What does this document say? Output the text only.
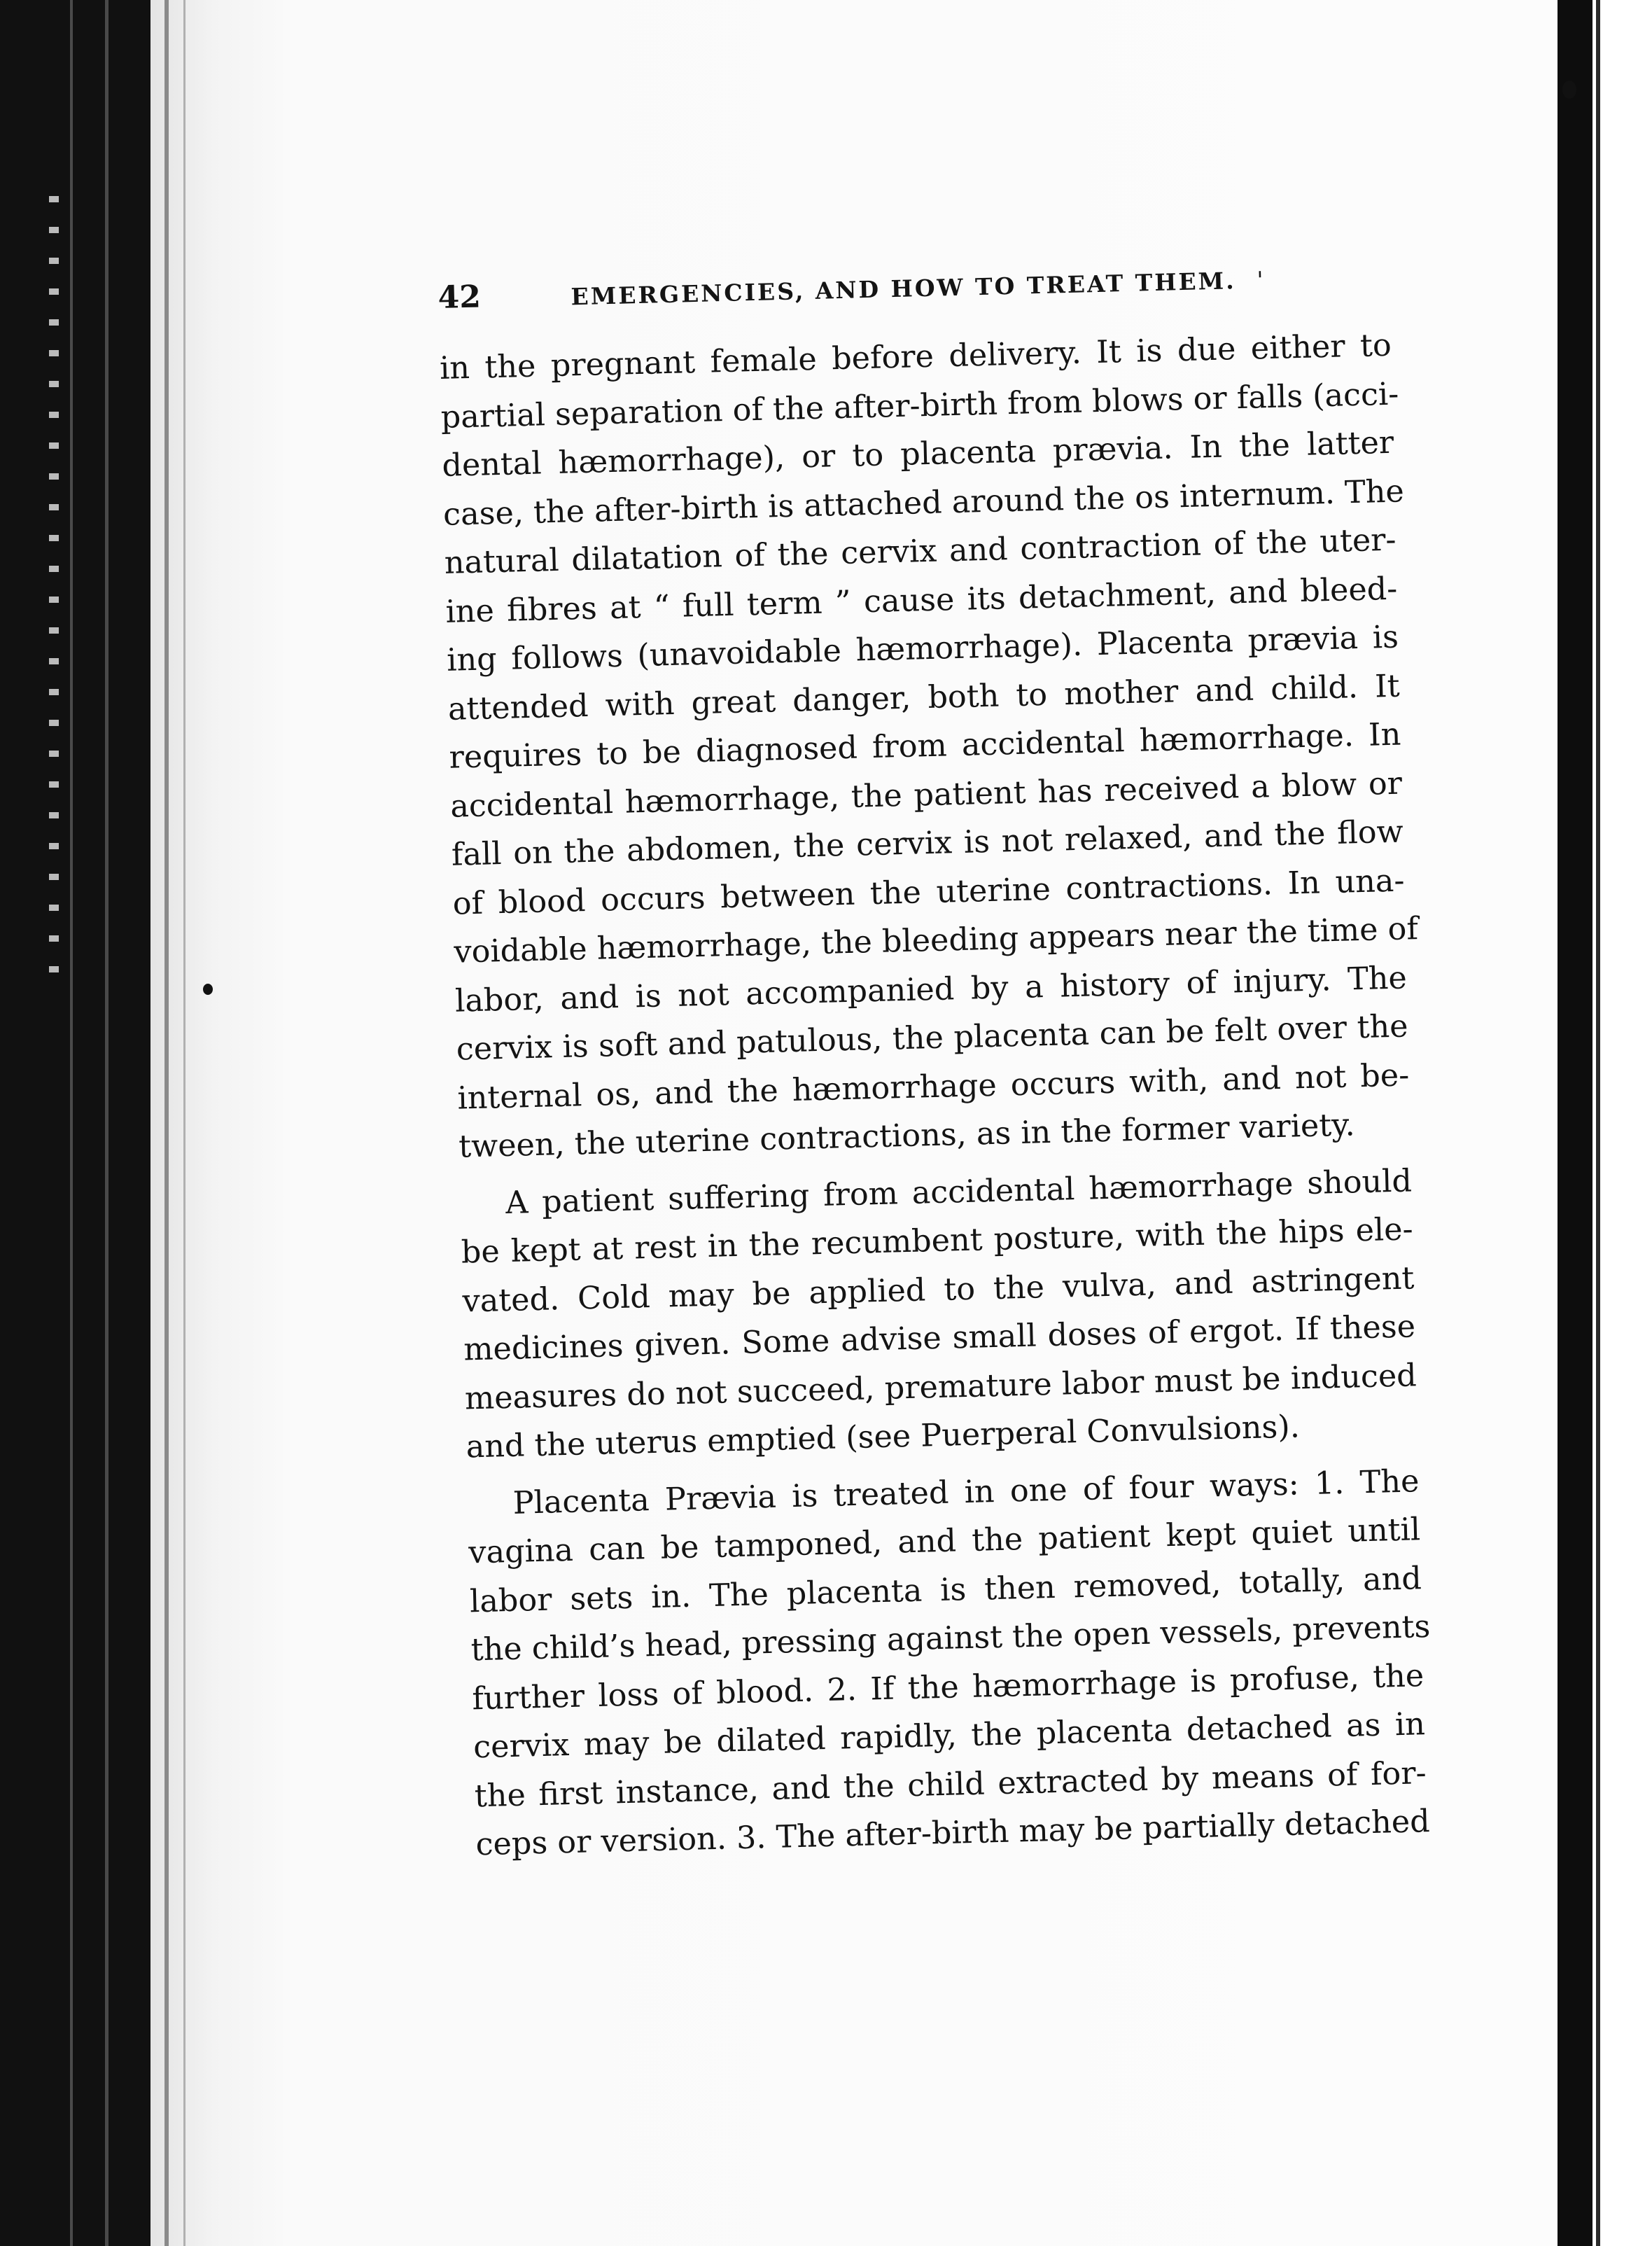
42	EMERGENCIES, AND HOW TO TREAT THEM. '
in the pregnant female before delivery. It is due either to
partial separation of the after-birth from blows or falls (acci-
dental hæmorrhage), or to placenta prævia. In the latter
case, the after-birth is attached around the os internum. The
natural dilatation of the cervix and contraction of the uter-
ine fibres at “ full term ” cause its detachment, and bleed-
ing follows (unavoidable hæmorrhage). Placenta prævia is
attended with great danger, both to mother and child. It
requires to be diagnosed from accidental hæmorrhage. In
accidental hæmorrhage, the patient has received a blow or
fall on the abdomen, the cervix is not relaxed, and the flow
of blood occurs between the uterine contractions. In una-
voidable hæmorrhage, the bleeding appears near the time of
labor, and is not accompanied by a history of injury. The
cervix is soft and patulous, the placenta can be felt over the
internal os, and the hæmorrhage occurs with, and not be-
tween, the uterine contractions, as in the former variety.
A patient suffering from accidental hæmorrhage should
be kept at rest in the recumbent posture, with the hips ele-
vated. Cold may be applied to the vulva, and astringent
medicines given. Some advise small doses of ergot. If these
measures do not succeed, premature labor must be induced
and the uterus emptied (see Puerperal Convulsions).
Placenta Prævia is treated in one of four ways: 1. The
vagina can be tamponed, and the patient kept quiet until
labor sets in. The placenta is then removed, totally, and
the child’s head, pressing against the open vessels, prevents
further loss of blood. 2. If the hæmorrhage is profuse, the
cervix may be dilated rapidly, the placenta detached as in
the first instance, and the child extracted by means of for-
ceps or version. 3. The after-birth may be partially detached
